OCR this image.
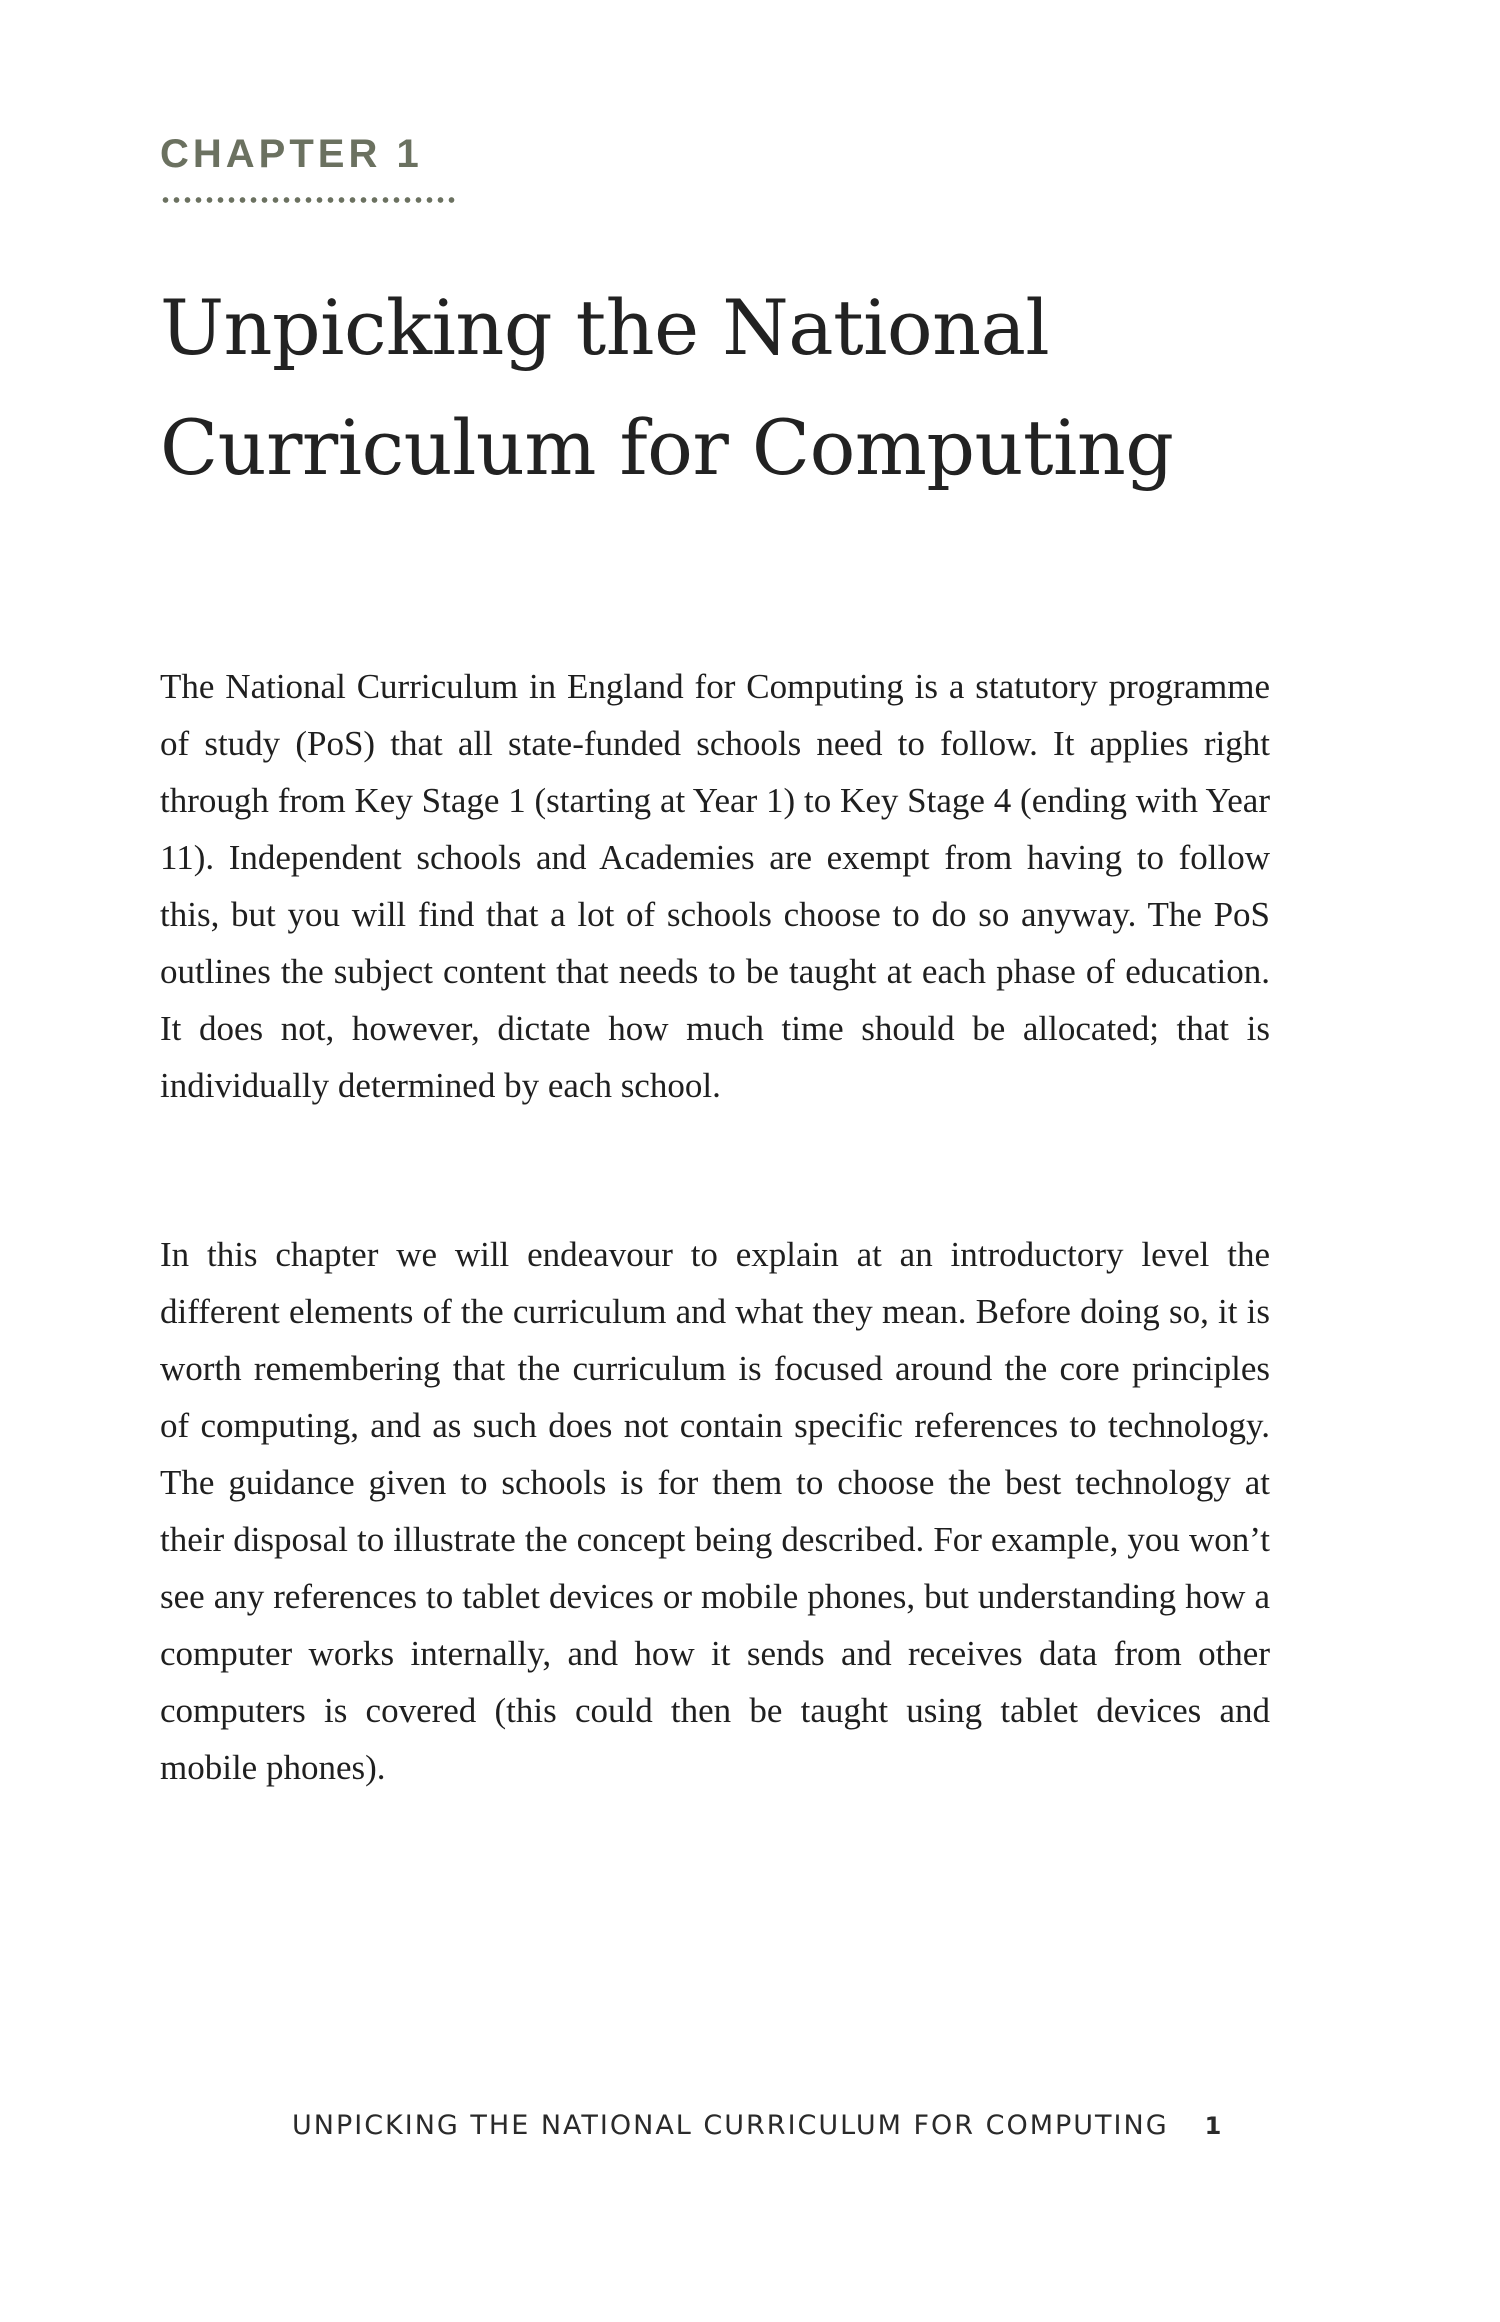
CHAPTER 1
Unpicking the National Curriculum for Computing

The National Curriculum in England for Computing is a statutory programme of study (PoS) that all state-funded schools need to follow. It applies right through from Key Stage 1 (starting at Year 1) to Key Stage 4 (ending with Year 11). Independent schools and Academies are exempt from having to follow this, but you will find that a lot of schools choose to do so anyway. The PoS outlines the subject content that needs to be taught at each phase of education. It does not, however, dictate how much time should be allocated; that is individually determined by each school.

In this chapter we will endeavour to explain at an introductory level the different elements of the curriculum and what they mean. Before doing so, it is worth remembering that the curriculum is focused around the core principles of computing, and as such does not contain specific references to technology. The guidance given to schools is for them to choose the best technology at their disposal to illustrate the concept being described. For example, you won’t see any references to tablet devices or mobile phones, but understanding how a computer works internally, and how it sends and receives data from other computers is covered (this could then be taught using tablet devices and mobile phones).

UNPICKING THE NATIONAL CURRICULUM FOR COMPUTING 1
